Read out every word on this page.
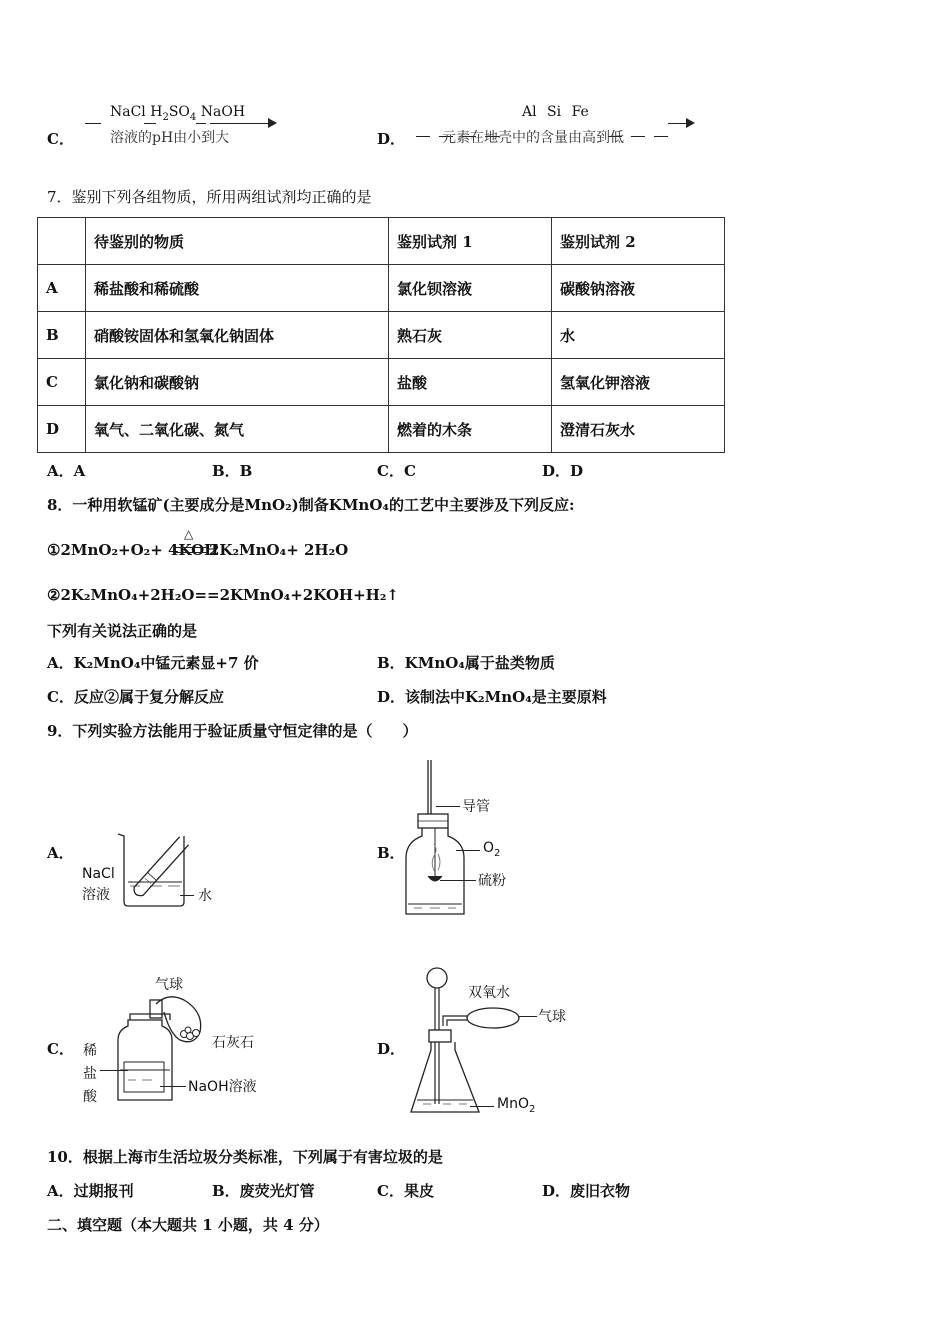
C．
NaCl $H_2SO_4$ NaOH
溶液的pH由小到大	D．
Al Si Fe
元素在地壳中的含量由高到低
7．鉴别下列各组物质，所用两组试剂均正确的是
	待鉴别的物质	鉴别试剂 1	鉴别试剂 2
A	稀盐酸和稀硫酸	氯化钡溶液	碳酸钠溶液
B	硝酸铵固体和氢氧化钠固体	熟石灰	水
C	氯化钠和碳酸钠	盐酸	氢氧化钾溶液
D	氧气、二氧化碳、氮气	燃着的木条	澄清石灰水
A．A	B．B	C．C	D．D
8．一种用软锰矿(主要成分是MnO₂)制备KMnO₄的工艺中主要涉及下列反应:
①2MnO₂+O₂+ 4KOH
△
2K₂MnO₄+ 2H₂O
②2K₂MnO₄+2H₂O==2KMnO₄+2KOH+H₂↑
下列有关说法正确的是
A．K₂MnO₄中锰元素显+7 价	B．KMnO₄属于盐类物质
C．反应②属于复分解反应	D．该制法中K₂MnO₄是主要原料
9．下列实验方法能用于验证质量守恒定律的是（　　）
A．
NaCl
溶液	水
B．
导管
$O_2$
硫粉
C．
气球
石灰石
稀
盐
酸
NaOH溶液
D．
双氧水
气球
MnO$_2$
10．根据上海市生活垃圾分类标准，下列属于有害垃圾的是
A．过期报刊	B．废荧光灯管	C．果皮	D．废旧衣物
二、填空题（本大题共 1 小题，共 4 分）
